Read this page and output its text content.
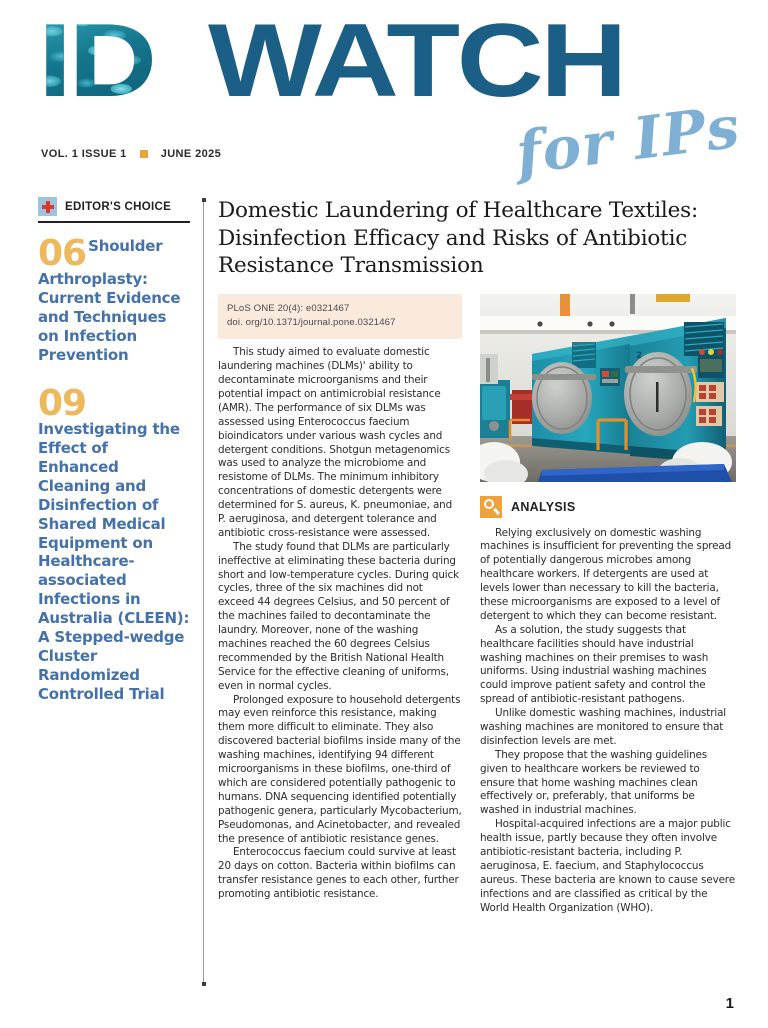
ID WATCH
for IPs
VOL. 1 ISSUE 1	JUNE 2025
EDITOR'S CHOICE

06 Shoulder Arthroplasty: Current Evidence and Techniques on Infection Prevention

09
Investigating the Effect of Enhanced Cleaning and Disinfection of Shared Medical Equipment on Healthcare-associated Infections in Australia (CLEEN): A Stepped-wedge Cluster Randomized Controlled Trial

Domestic Laundering of Healthcare Textiles: Disinfection Efficacy and Risks of Antibiotic Resistance Transmission
PLoS ONE 20(4): e0321467
doi. org/10.1371/journal.pone.0321467

This study aimed to evaluate domestic laundering machines (DLMs)' ability to decontaminate microorganisms and their potential impact on antimicrobial resistance (AMR). The performance of six DLMs was assessed using Enterococcus faecium bioindicators under various wash cycles and detergent conditions. Shotgun metagenomics was used to analyze the microbiome and resistome of DLMs. The minimum inhibitory concentrations of domestic detergents were determined for S. aureus, K. pneumoniae, and P. aeruginosa, and detergent tolerance and antibiotic cross-resistance were assessed.

The study found that DLMs are particularly ineffective at eliminating these bacteria during short and low-temperature cycles. During quick cycles, three of the six machines did not exceed 44 degrees Celsius, and 50 percent of the machines failed to decontaminate the laundry. Moreover, none of the washing machines reached the 60 degrees Celsius recommended by the British National Health Service for the effective cleaning of uniforms, even in normal cycles.

Prolonged exposure to household detergents may even reinforce this resistance, making them more difficult to eliminate. They also discovered bacterial biofilms inside many of the washing machines, identifying 94 different microorganisms in these biofilms, one-third of which are considered potentially pathogenic to humans. DNA sequencing identified potentially pathogenic genera, particularly Mycobacterium, Pseudomonas, and Acinetobacter, and revealed the presence of antibiotic resistance genes.

Enterococcus faecium could survive at least 20 days on cotton. Bacteria within biofilms can transfer resistance genes to each other, further promoting antibiotic resistance.

2
ANALYSIS

Relying exclusively on domestic washing machines is insufficient for preventing the spread of potentially dangerous microbes among healthcare workers. If detergents are used at levels lower than necessary to kill the bacteria, these microorganisms are exposed to a level of detergent to which they can become resistant.

As a solution, the study suggests that healthcare facilities should have industrial washing machines on their premises to wash uniforms. Using industrial washing machines could improve patient safety and control the spread of antibiotic-resistant pathogens.

Unlike domestic washing machines, industrial washing machines are monitored to ensure that disinfection levels are met.

They propose that the washing guidelines given to healthcare workers be reviewed to ensure that home washing machines clean effectively or, preferably, that uniforms be washed in industrial machines.

Hospital-acquired infections are a major public health issue, partly because they often involve antibiotic-resistant bacteria, including P. aeruginosa, E. faecium, and Staphylococcus aureus. These bacteria are known to cause severe infections and are classified as critical by the World Health Organization (WHO).

1
